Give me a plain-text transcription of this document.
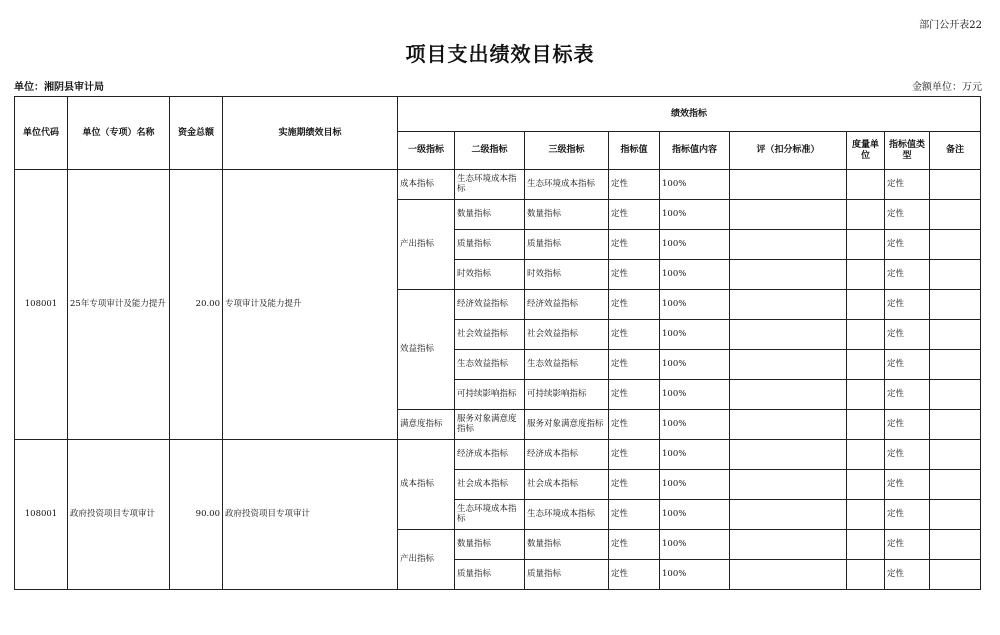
部门公开表22
项目支出绩效目标表
单位：湘阴县审计局	金额单位：万元
单位代码	单位（专项）名称	资金总额	实施期绩效目标	绩效指标								
				一级指标	二级指标	三级指标	指标值	指标值内容	评（扣分标准）	度量单位	指标值类型	备注
108001	25年专项审计及能力提升	20.00	专项审计及能力提升	成本指标	生态环境成本指标	生态环境成本指标	定性	100%			定性	
				产出指标	数量指标	数量指标	定性	100%			定性	
					质量指标	质量指标	定性	100%			定性	
					时效指标	时效指标	定性	100%			定性	
				效益指标	经济效益指标	经济效益指标	定性	100%			定性	
					社会效益指标	社会效益指标	定性	100%			定性	
					生态效益指标	生态效益指标	定性	100%			定性	
					可持续影响指标	可持续影响指标	定性	100%			定性	
				满意度指标	服务对象满意度指标	服务对象满意度指标	定性	100%			定性	
108001	政府投资项目专项审计	90.00	政府投资项目专项审计	成本指标	经济成本指标	经济成本指标	定性	100%			定性	
					社会成本指标	社会成本指标	定性	100%			定性	
					生态环境成本指标	生态环境成本指标	定性	100%			定性	
				产出指标	数量指标	数量指标	定性	100%			定性	
					质量指标	质量指标	定性	100%			定性	
